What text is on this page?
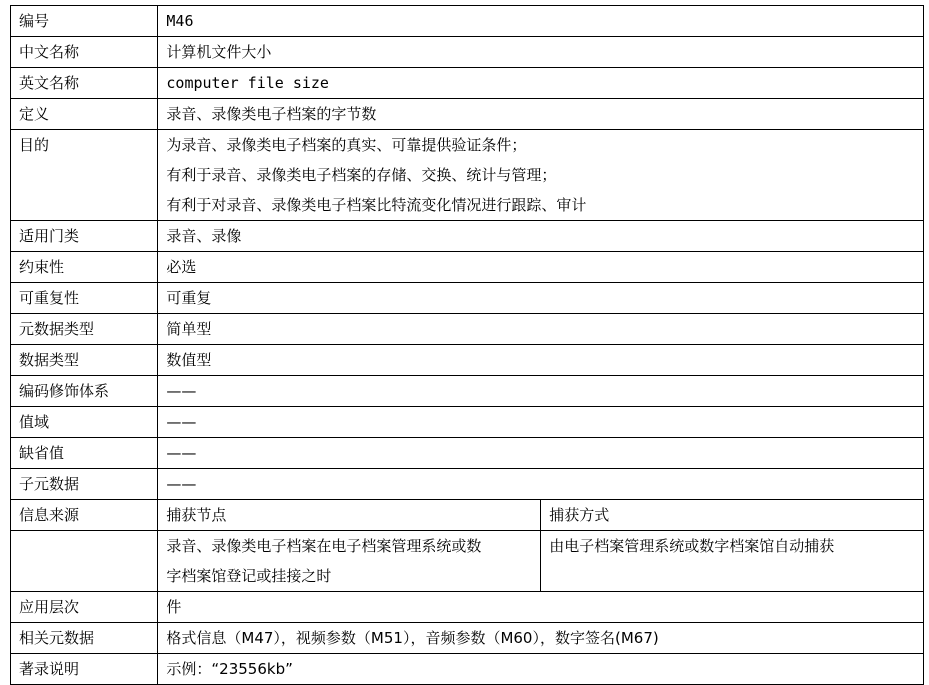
编号	M46	
中文名称	计算机文件大小	
英文名称	computer file size	
定义	录音、录像类电子档案的字节数	
目的	为录音、录像类电子档案的真实、可靠提供验证条件；
有利于录音、录像类电子档案的存储、交换、统计与管理；
有利于对录音、录像类电子档案比特流变化情况进行跟踪、审计	

适用门类	录音、录像	
约束性	必选	
可重复性	可重复	
元数据类型	简单型	
数据类型	数值型	
编码修饰体系	——	
值域	——	
缺省值	——	
子元数据	——	
信息来源	捕获节点	捕获方式

	录音、录像类电子档案在电子档案管理系统或数
字档案馆登记或挂接之时	由电子档案管理系统或数字档案馆自动捕获
应用层次	件	
相关元数据	格式信息（M47），视频参数（M51），音频参数（M60），数字签名(M67)	
著录说明	示例：“23556kb”	
